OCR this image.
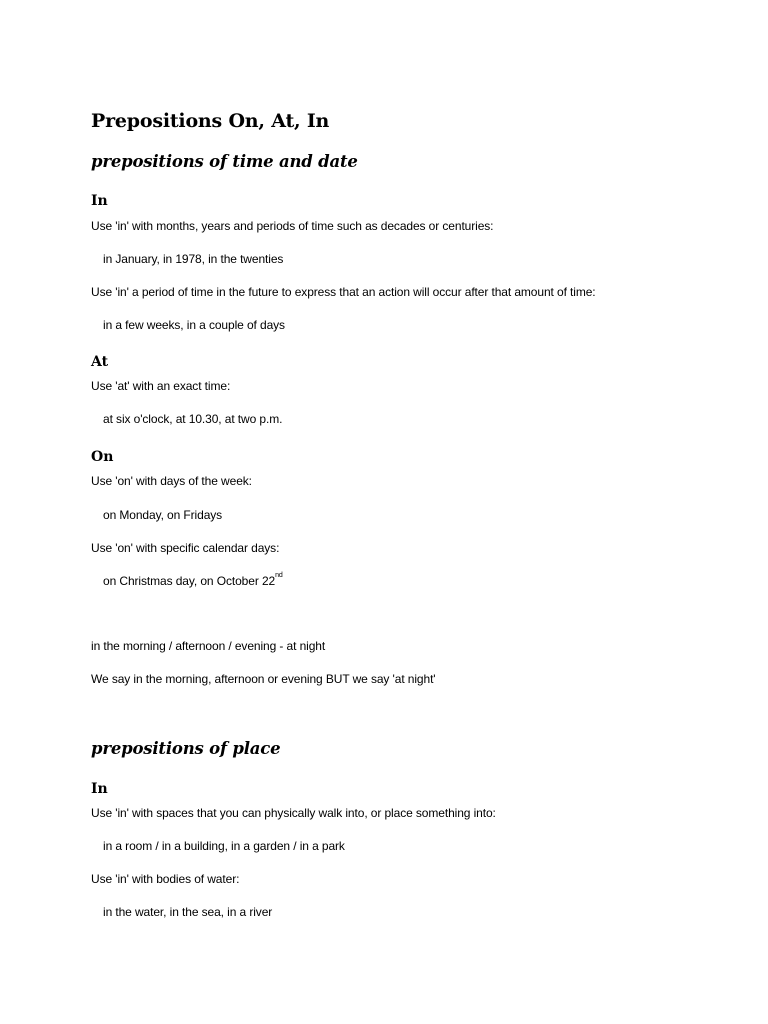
Prepositions On, At, In
prepositions of time and date
In
Use 'in' with months, years and periods of time such as decades or centuries:
in January, in 1978, in the twenties
Use 'in' a period of time in the future to express that an action will occur after that amount of time:
in a few weeks, in a couple of days
At
Use 'at' with an exact time:
at six o'clock, at 10.30, at two p.m.
On
Use 'on' with days of the week:
on Monday, on Fridays
Use 'on' with specific calendar days:
on Christmas day, on October 22nd
in the morning / afternoon / evening - at night
We say in the morning, afternoon or evening BUT we say 'at night'
prepositions of place
In
Use 'in' with spaces that you can physically walk into, or place something into:
in a room / in a building, in a garden / in a park
Use 'in' with bodies of water:
in the water, in the sea, in a river
